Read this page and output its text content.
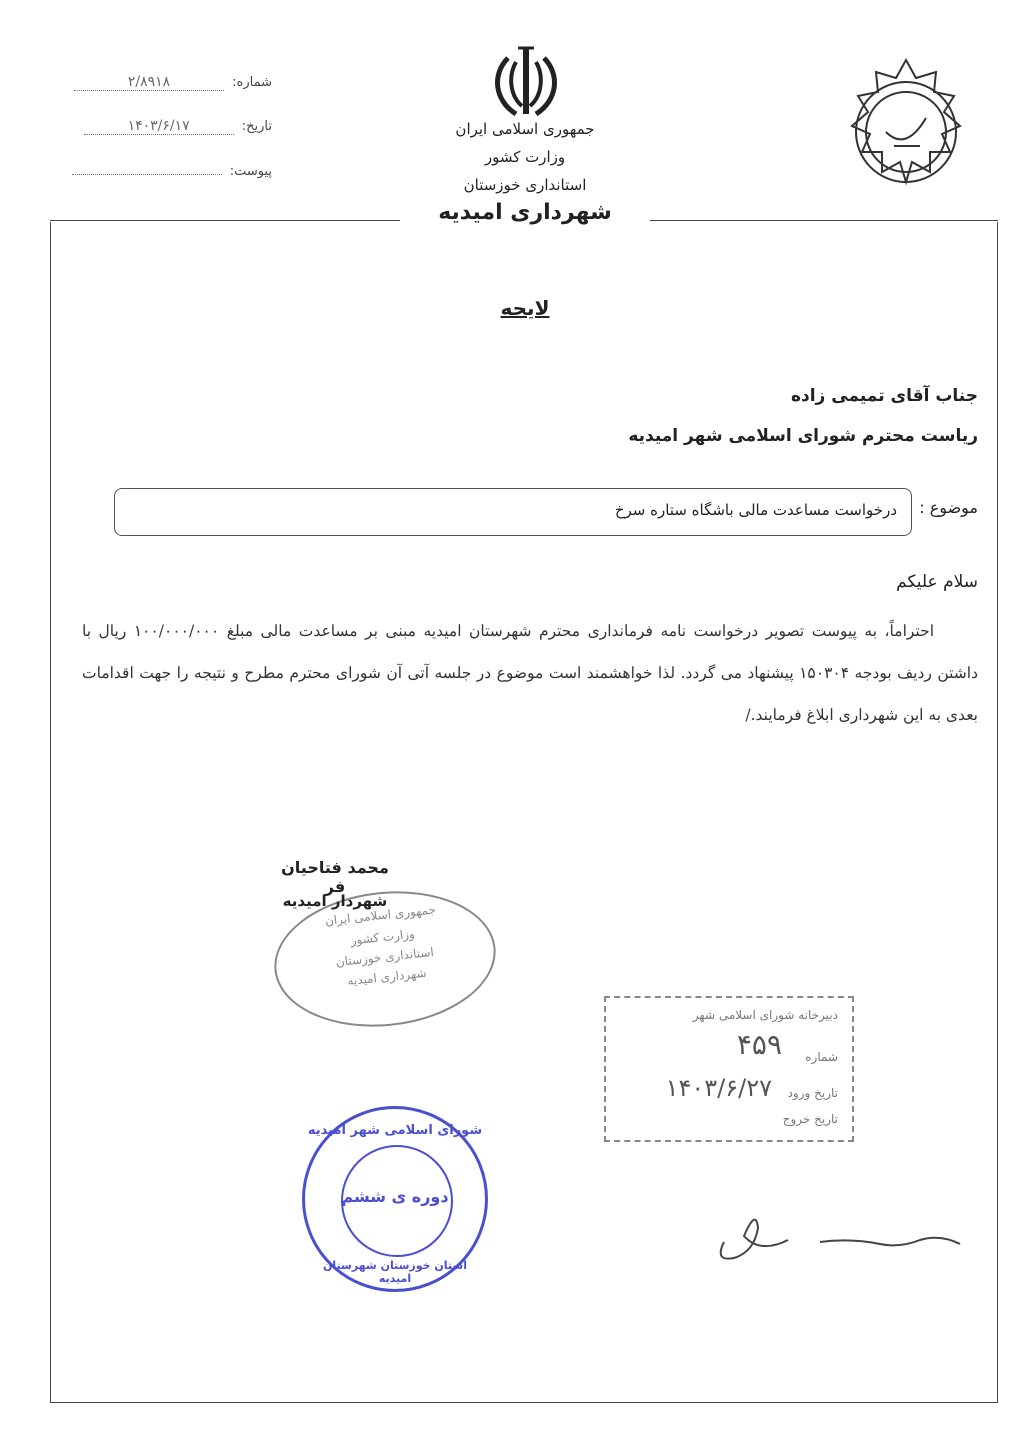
شماره: ۲/۸۹۱۸
تاریخ: ۱۴۰۳/۶/۱۷
پیوست:
جمهوری اسلامی ایران
وزارت کشور
استانداری خوزستان
شهرداری امیدیه
لایحه
جناب آقای تمیمی زاده
ریاست محترم شورای اسلامی شهر امیدیه
موضوع :
درخواست مساعدت مالی باشگاه ستاره سرخ
سلام علیکم
احتراماً، به پیوست تصویر درخواست نامه فرمانداری محترم شهرستان امیدیه مبنی بر مساعدت مالی مبلغ ۱۰۰/۰۰۰/۰۰۰ ریال با داشتن ردیف بودجه ۱۵۰۳۰۴ پیشنهاد می گردد. لذا خواهشمند است موضوع در جلسه آتی آن شورای محترم مطرح و نتیجه را جهت اقدامات بعدی به این شهرداری ابلاغ فرمایند./
محمد فتاحیان فر
جمهوری اسلامی ایران
وزارت کشور
استانداری خوزستان
شهرداری امیدیه
شهردار امیدیه
دبیرخانه شورای اسلامی شهر
شماره
۴۵۹
تاریخ ورود
۱۴۰۳/۶/۲۷
تاریخ خروج
شورای اسلامی شهر امیدیه
دوره ی ششم
استان خوزستان شهرستان امیدیه
